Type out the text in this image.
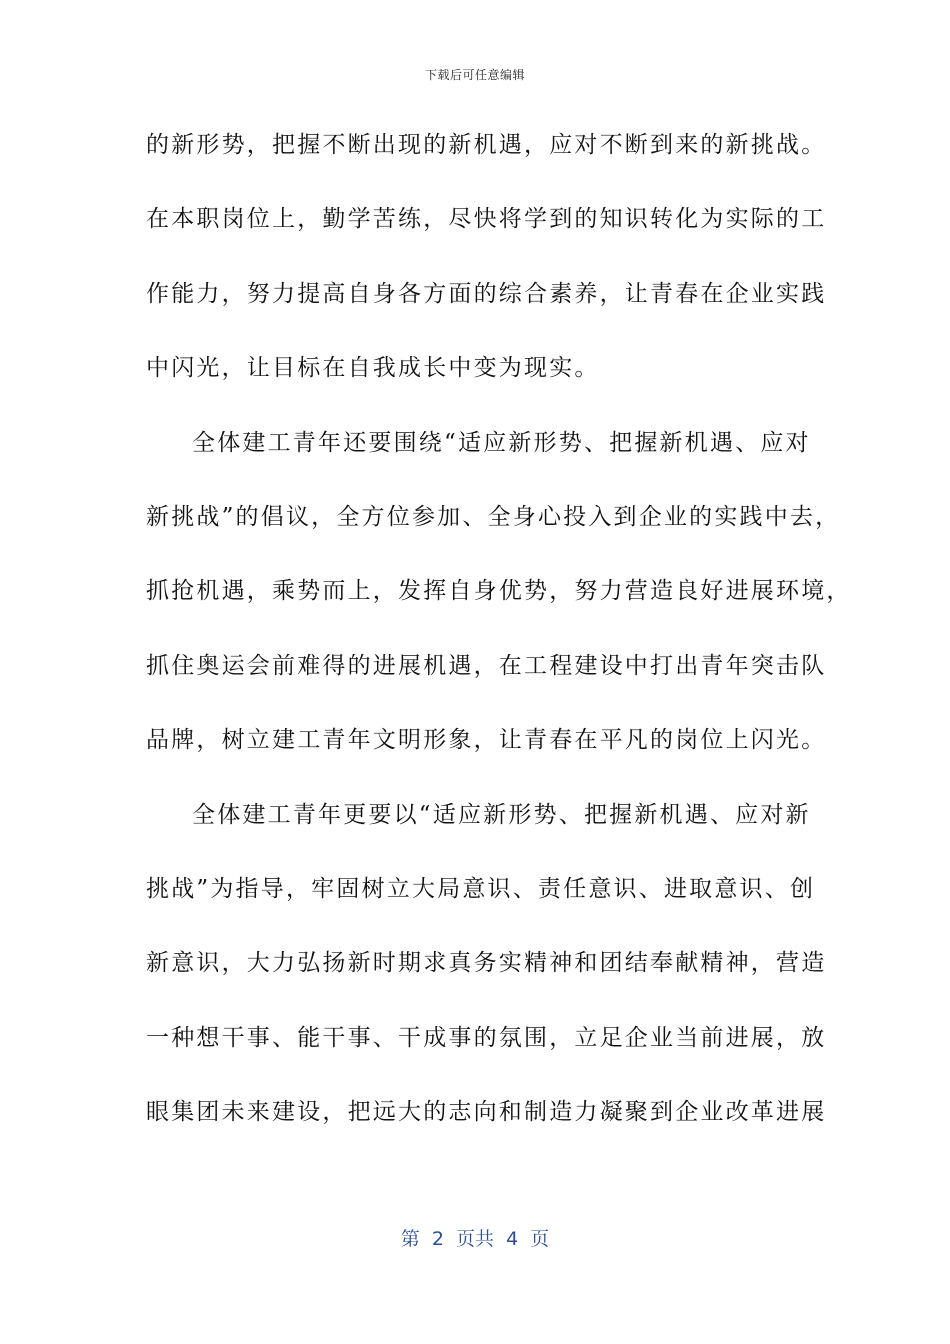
下载后可任意编辑
的新形势，把握不断出现的新机遇，应对不断到来的新挑战。
在本职岗位上，勤学苦练，尽快将学到的知识转化为实际的工
作能力，努力提高自身各方面的综合素养，让青春在企业实践
中闪光，让目标在自我成长中变为现实。
全体建工青年还要围绕“适应新形势、把握新机遇、应对
新挑战”的倡议，全方位参加、全身心投入到企业的实践中去，
抓抢机遇，乘势而上，发挥自身优势，努力营造良好进展环境，
抓住奥运会前难得的进展机遇，在工程建设中打出青年突击队
品牌，树立建工青年文明形象，让青春在平凡的岗位上闪光。
全体建工青年更要以“适应新形势、把握新机遇、应对新
挑战”为指导，牢固树立大局意识、责任意识、进取意识、创
新意识，大力弘扬新时期求真务实精神和团结奉献精神，营造
一种想干事、能干事、干成事的氛围，立足企业当前进展，放
眼集团未来建设，把远大的志向和制造力凝聚到企业改革进展
第  2  页共  4  页
